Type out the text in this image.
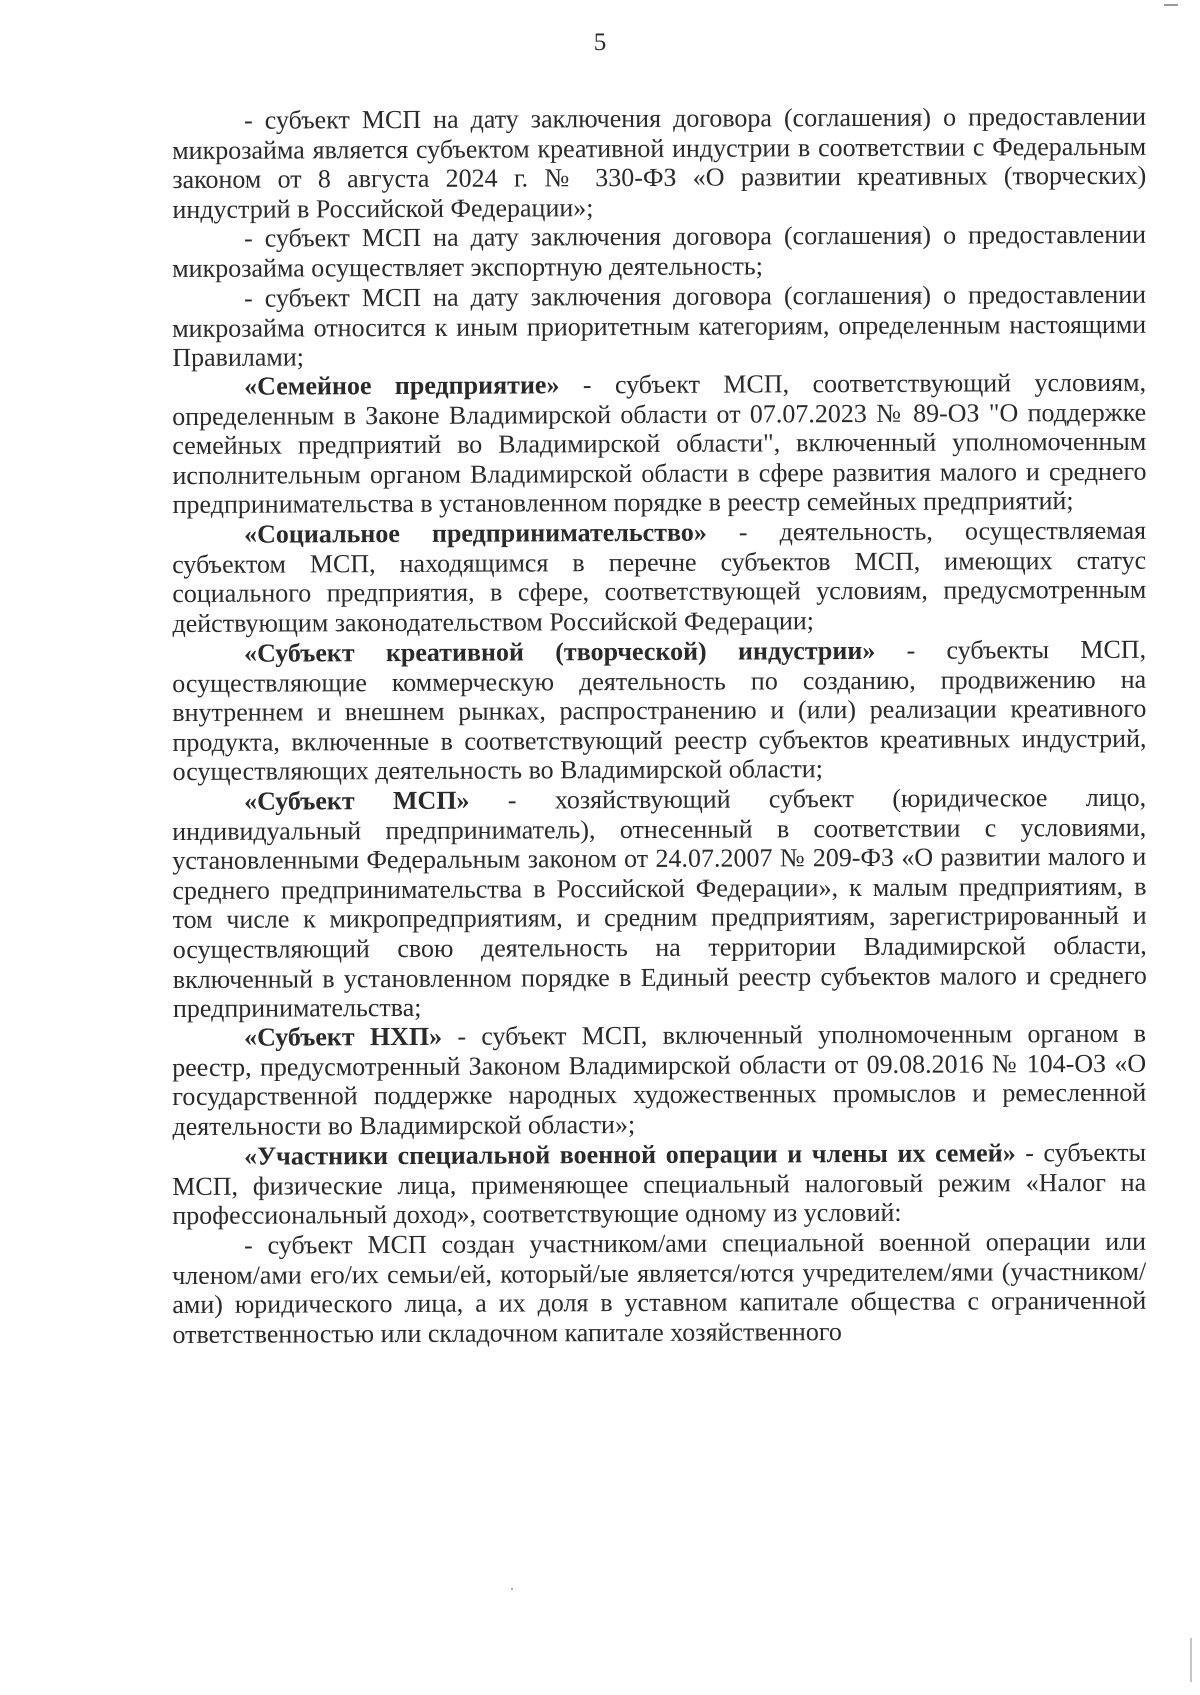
5

- субъект МСП на дату заключения договора (соглашения) о предоставлении микрозайма является субъектом креативной индустрии в соответствии с Федеральным законом от 8 августа 2024 г. № 330-ФЗ «О развитии креативных (творческих) индустрий в Российской Федерации»;

- субъект МСП на дату заключения договора (соглашения) о предоставлении микрозайма осуществляет экспортную деятельность;

- субъект МСП на дату заключения договора (соглашения) о предоставлении микрозайма относится к иным приоритетным категориям, определенным настоящими Правилами;

«Семейное предприятие» - субъект МСП, соответствующий условиям, определенным в Законе Владимирской области от 07.07.2023 № 89-ОЗ "О поддержке семейных предприятий во Владимирской области", включенный уполномоченным исполнительным органом Владимирской области в сфере развития малого и среднего предпринимательства в установленном порядке в реестр семейных предприятий;

«Социальное предпринимательство» - деятельность, осуществляемая субъектом МСП, находящимся в перечне субъектов МСП, имеющих статус социального предприятия, в сфере, соответствующей условиям, предусмотренным действующим законодательством Российской Федерации;

«Субъект креативной (творческой) индустрии» - субъекты МСП, осуществляющие коммерческую деятельность по созданию, продвижению на внутреннем и внешнем рынках, распространению и (или) реализации креативного продукта, включенные в соответствующий реестр субъектов креативных индустрий, осуществляющих деятельность во Владимирской области;

«Субъект МСП» - хозяйствующий субъект (юридическое лицо, индивидуальный предприниматель), отнесенный в соответствии с условиями, установленными Федеральным законом от 24.07.2007 № 209-ФЗ «О развитии малого и среднего предпринимательства в Российской Федерации», к малым предприятиям, в том числе к микропредприятиям, и средним предприятиям, зарегистрированный и осуществляющий свою деятельность на территории Владимирской области, включенный в установленном порядке в Единый реестр субъектов малого и среднего предпринимательства;

«Субъект НХП» - субъект МСП, включенный уполномоченным органом в реестр, предусмотренный Законом Владимирской области от 09.08.2016 № 104-ОЗ «О государственной поддержке народных художественных промыслов и ремесленной деятельности во Владимирской области»;

«Участники специальной военной операции и члены их семей» - субъекты МСП, физические лица, применяющее специальный налоговый режим «Налог на профессиональный доход», соответствующие одному из условий:

- субъект МСП создан участником/ами специальной военной операции или членом/ами его/их семьи/ей, который/ые является/ются учредителем/ями (участником/ами) юридического лица, а их доля в уставном капитале общества с ограниченной ответственностью или складочном капитале хозяйственного
